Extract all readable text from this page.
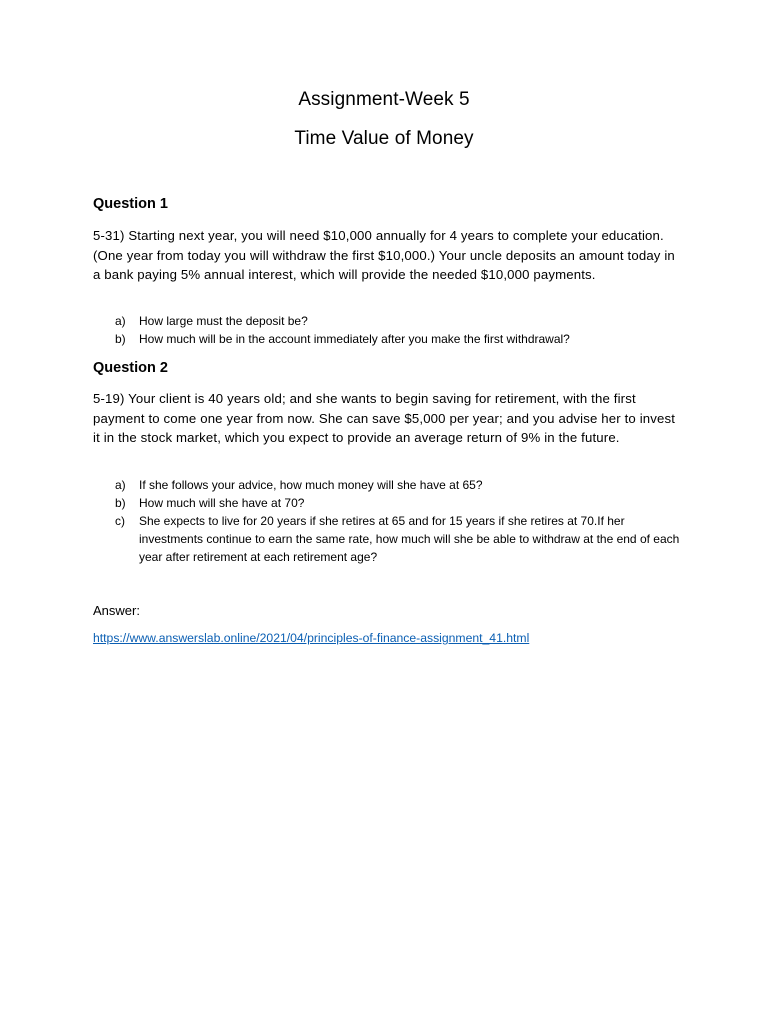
Assignment-Week 5
Time Value of Money
Question 1
5-31) Starting next year, you will need $10,000 annually for 4 years to complete your education. (One year from today you will withdraw the first $10,000.) Your uncle deposits an amount today in a bank paying 5% annual interest, which will provide the needed $10,000 payments.
a) How large must the deposit be?
b) How much will be in the account immediately after you make the first withdrawal?
Question 2
5-19) Your client is 40 years old; and she wants to begin saving for retirement, with the first payment to come one year from now. She can save $5,000 per year; and you advise her to invest it in the stock market, which you expect to provide an average return of 9% in the future.
a) If she follows your advice, how much money will she have at 65?
b) How much will she have at 70?
c) She expects to live for 20 years if she retires at 65 and for 15 years if she retires at 70.If her investments continue to earn the same rate, how much will she be able to withdraw at the end of each year after retirement at each retirement age?
Answer:
https://www.answerslab.online/2021/04/principles-of-finance-assignment_41.html
